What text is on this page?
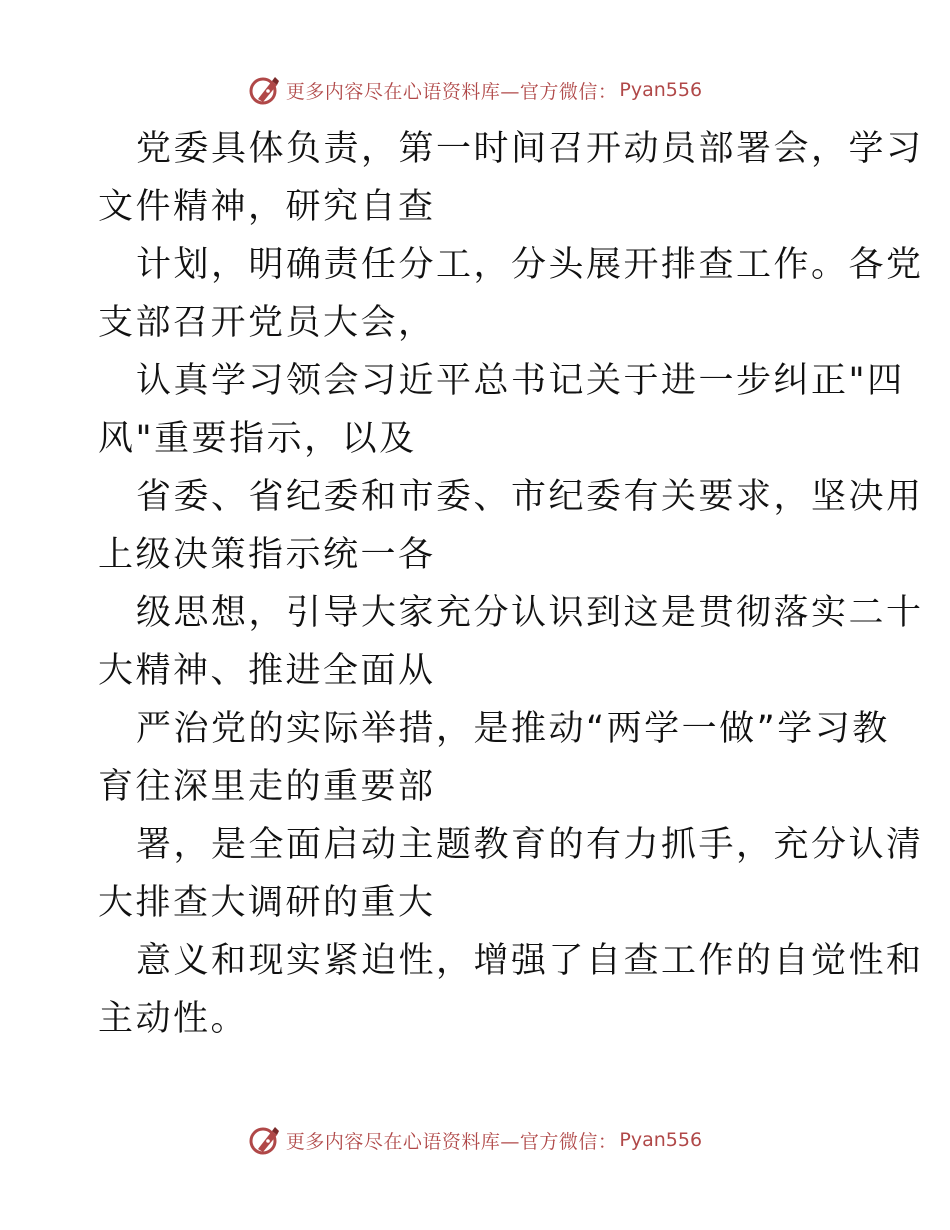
更多内容尽在心语资料库—官方微信： Pyan556
党委具体负责，第一时间召开动员部署会，学习
文件精神，研究自查
计划，明确责任分工，分头展开排查工作。各党
支部召开党员大会，
认真学习领会习近平总书记关于进一步纠正"四
风"重要指示，以及
省委、省纪委和市委、市纪委有关要求，坚决用
上级决策指示统一各
级思想，引导大家充分认识到这是贯彻落实二十
大精神、推进全面从
严治党的实际举措，是推动“两学一做”学习教
育往深里走的重要部
署，是全面启动主题教育的有力抓手，充分认清
大排查大调研的重大
意义和现实紧迫性，增强了自查工作的自觉性和
主动性。
更多内容尽在心语资料库—官方微信： Pyan556
